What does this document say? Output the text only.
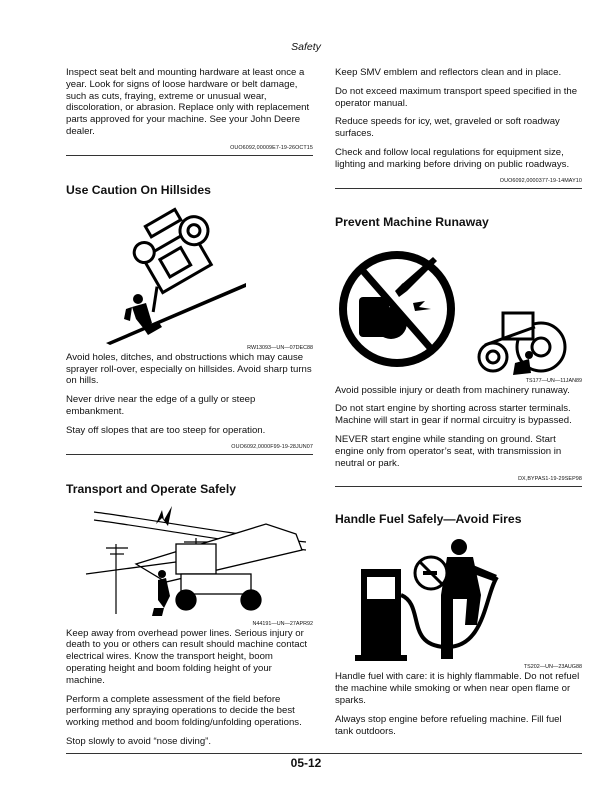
Safety

Inspect seat belt and mounting hardware at least once a year. Look for signs of loose hardware or belt damage, such as cuts, fraying, extreme or unusual wear, discoloration, or abrasion. Replace only with replacement parts approved for your machine. See your John Deere dealer.

OUO6092,00009E7-19-26OCT15
Use Caution On Hillsides
RW13093—UN—07DEC88

Avoid holes, ditches, and obstructions which may cause sprayer roll-over, especially on hillsides. Avoid sharp turns on hills.

Never drive near the edge of a gully or steep embankment.

Stay off slopes that are too steep for operation.

OUO6092,0000F99-19-28JUN07
Transport and Operate Safely
N44191—UN—27APR92

Keep away from overhead power lines. Serious injury or death to you or others can result should machine contact electrical wires. Know the transport height, boom operating height and boom folding height of your machine.

Perform a complete assessment of the field before performing any spraying operations to decide the best working method and boom folding/unfolding operations.

Stop slowly to avoid “nose diving”.

Keep SMV emblem and reflectors clean and in place.

Do not exceed maximum transport speed specified in the operator manual.

Reduce speeds for icy, wet, graveled or soft roadway surfaces.

Check and follow local regulations for equipment size, lighting and marking before driving on public roadways.

OUO6092,0000377-19-14MAY10
Prevent Machine Runaway
TS177—UN—11JAN89

Avoid possible injury or death from machinery runaway.

Do not start engine by shorting across starter terminals. Machine will start in gear if normal circuitry is bypassed.

NEVER start engine while standing on ground. Start engine only from operator’s seat, with transmission in neutral or park.

DX,BYPAS1-19-29SEP98
Handle Fuel Safely—Avoid Fires
TS202—UN—23AUG88

Handle fuel with care: it is highly flammable. Do not refuel the machine while smoking or when near open flame or sparks.

Always stop engine before refueling machine. Fill fuel tank outdoors.

05-12
